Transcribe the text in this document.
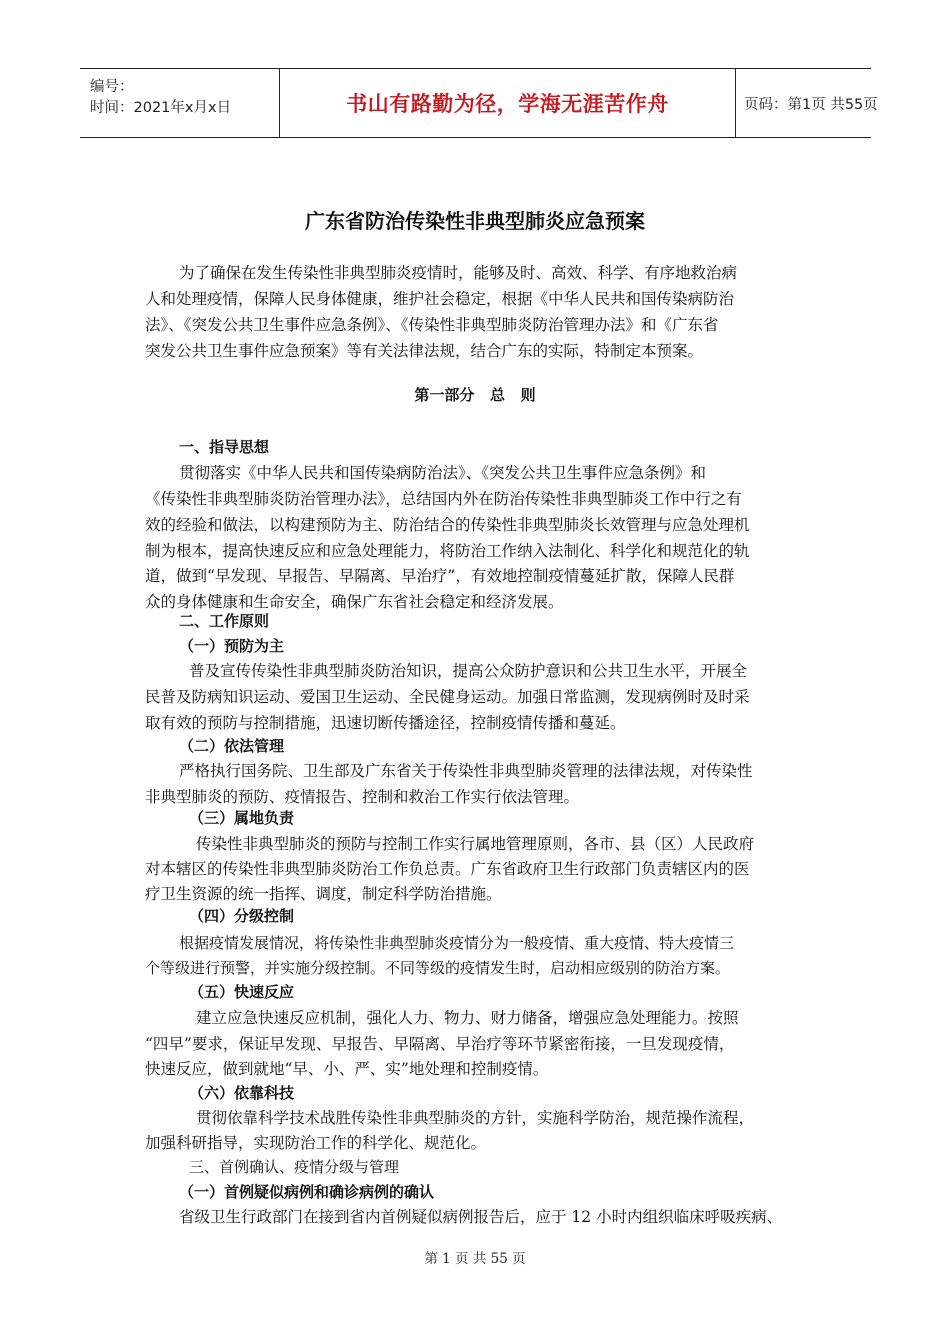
编号：
时间：2021年x月x日	书山有路勤为径，学海无涯苦作舟	页码：第1页 共55页
广东省防治传染性非典型肺炎应急预案
为了确保在发生传染性非典型肺炎疫情时，能够及时、高效、科学、有序地救治病
人和处理疫情，保障人民身体健康，维护社会稳定，根据《中华人民共和国传染病防治
法》、《突发公共卫生事件应急条例》、《传染性非典型肺炎防治管理办法》和《广东省
突发公共卫生事件应急预案》等有关法律法规，结合广东的实际，特制定本预案。
第一部分   总   则
一、指导思想
贯彻落实《中华人民共和国传染病防治法》、《突发公共卫生事件应急条例》和
《传染性非典型肺炎防治管理办法》，总结国内外在防治传染性非典型肺炎工作中行之有
效的经验和做法，以构建预防为主、防治结合的传染性非典型肺炎长效管理与应急处理机
制为根本，提高快速反应和应急处理能力，将防治工作纳入法制化、科学化和规范化的轨
道，做到“早发现、早报告、早隔离、早治疗”，有效地控制疫情蔓延扩散，保障人民群
众的身体健康和生命安全，确保广东省社会稳定和经济发展。
二、工作原则
（一）预防为主
普及宣传传染性非典型肺炎防治知识，提高公众防护意识和公共卫生水平，开展全
民普及防病知识运动、爱国卫生运动、全民健身运动。加强日常监测，发现病例时及时采
取有效的预防与控制措施，迅速切断传播途径，控制疫情传播和蔓延。
（二）依法管理
严格执行国务院、卫生部及广东省关于传染性非典型肺炎管理的法律法规，对传染性
非典型肺炎的预防、疫情报告、控制和救治工作实行依法管理。
（三）属地负责
传染性非典型肺炎的预防与控制工作实行属地管理原则，各市、县（区）人民政府
对本辖区的传染性非典型肺炎防治工作负总责。广东省政府卫生行政部门负责辖区内的医
疗卫生资源的统一指挥、调度，制定科学防治措施。
（四）分级控制
根据疫情发展情况，将传染性非典型肺炎疫情分为一般疫情、重大疫情、特大疫情三
个等级进行预警，并实施分级控制。不同等级的疫情发生时，启动相应级别的防治方案。
（五）快速反应
建立应急快速反应机制，强化人力、物力、财力储备，增强应急处理能力。按照
“四早”要求，保证早发现、早报告、早隔离、早治疗等环节紧密衔接，一旦发现疫情，
快速反应，做到就地“早、小、严、实”地处理和控制疫情。
（六）依靠科技
贯彻依靠科学技术战胜传染性非典型肺炎的方针，实施科学防治，规范操作流程，
加强科研指导，实现防治工作的科学化、规范化。
三、首例确认、疫情分级与管理
（一）首例疑似病例和确诊病例的确认
省级卫生行政部门在接到省内首例疑似病例报告后，应于 12 小时内组织临床呼吸疾病、
第 1 页 共 55 页
